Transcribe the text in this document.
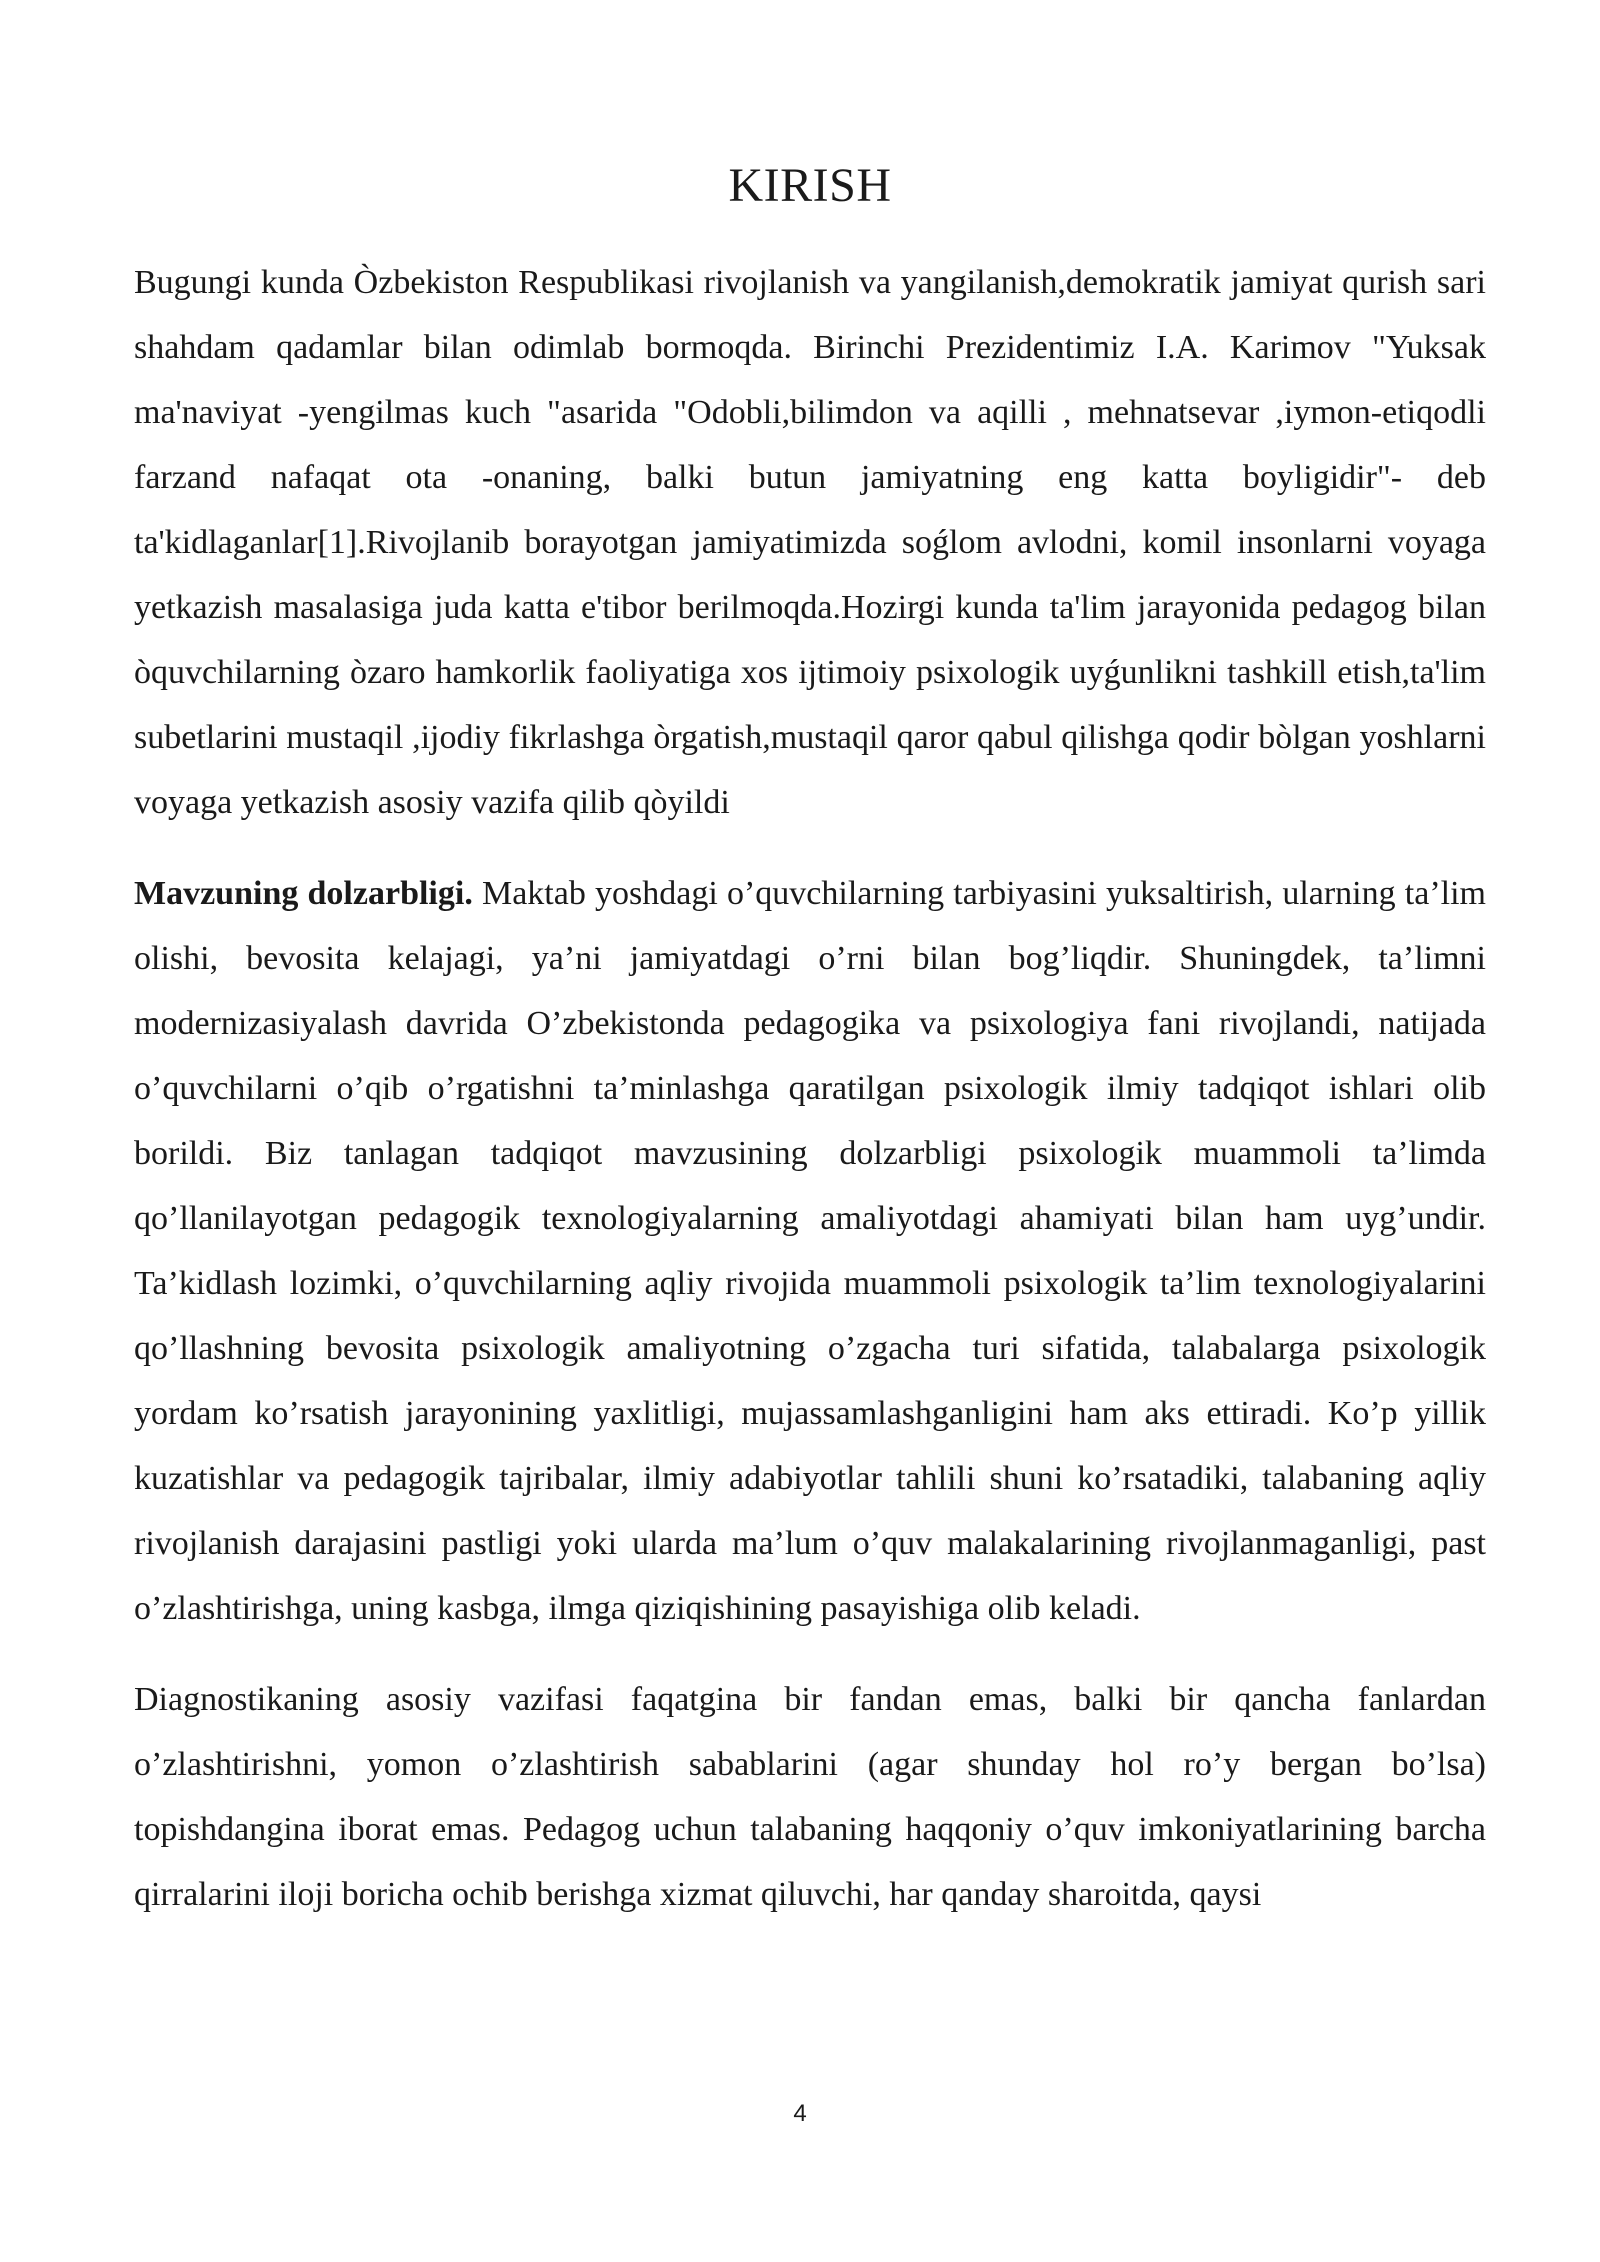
KIRISH

Bugungi kunda Òzbekiston Respublikasi rivojlanish va yangilanish,demokratik jamiyat qurish sari shahdam qadamlar bilan odimlab bormoqda. Birinchi Prezidentimiz I.A. Karimov "Yuksak ma'naviyat -yengilmas kuch "asarida "Odobli,bilimdon va aqilli , mehnatsevar ,iymon-etiqodli farzand nafaqat ota -onaning, balki butun jamiyatning eng katta boyligidir"- deb ta'kidlaganlar[1].Rivojlanib borayotgan jamiyatimizda soǵlom avlodni, komil insonlarni voyaga yetkazish masalasiga juda katta e'tibor berilmoqda.Hozirgi kunda ta'lim jarayonida pedagog bilan òquvchilarning òzaro hamkorlik faoliyatiga xos ijtimoiy psixologik uyǵunlikni tashkill etish,ta'lim subetlarini mustaqil ,ijodiy fikrlashga òrgatish,mustaqil qaror qabul qilishga qodir bòlgan yoshlarni voyaga yetkazish asosiy vazifa qilib qòyildi

Mavzuning dolzarbligi. Maktab yoshdagi o’quvchilarning tarbiyasini yuksaltirish, ularning ta’lim olishi, bevosita kelajagi, ya’ni jamiyatdagi o’rni bilan bog’liqdir. Shuningdek, ta’limni modernizasiyalash davrida O’zbekistonda pedagogika va psixologiya fani rivojlandi, natijada o’quvchilarni o’qib o’rgatishni ta’minlashga qaratilgan psixologik ilmiy tadqiqot ishlari olib borildi. Biz tanlagan tadqiqot mavzusining dolzarbligi psixologik muammoli ta’limda qo’llanilayotgan pedagogik texnologiyalarning amaliyotdagi ahamiyati bilan ham uyg’undir. Ta’kidlash lozimki, o’quvchilarning aqliy rivojida muammoli psixologik ta’lim texnologiyalarini qo’llashning bevosita psixologik amaliyotning o’zgacha turi sifatida, talabalarga psixologik yordam ko’rsatish jarayonining yaxlitligi, mujassamlashganligini ham aks ettiradi. Ko’p yillik kuzatishlar va pedagogik tajribalar, ilmiy adabiyotlar tahlili shuni ko’rsatadiki, talabaning aqliy rivojlanish darajasini pastligi yoki ularda ma’lum o’quv malakalarining rivojlanmaganligi, past o’zlashtirishga, uning kasbga, ilmga qiziqishining pasayishiga olib keladi.

Diagnostikaning asosiy vazifasi faqatgina bir fandan emas, balki bir qancha fanlardan o’zlashtirishni, yomon o’zlashtirish sabablarini (agar shunday hol ro’y bergan bo’lsa) topishdangina iborat emas. Pedagog uchun talabaning haqqoniy o’quv imkoniyatlarining barcha qirralarini iloji boricha ochib berishga xizmat qiluvchi, har qanday sharoitda, qaysi

4
